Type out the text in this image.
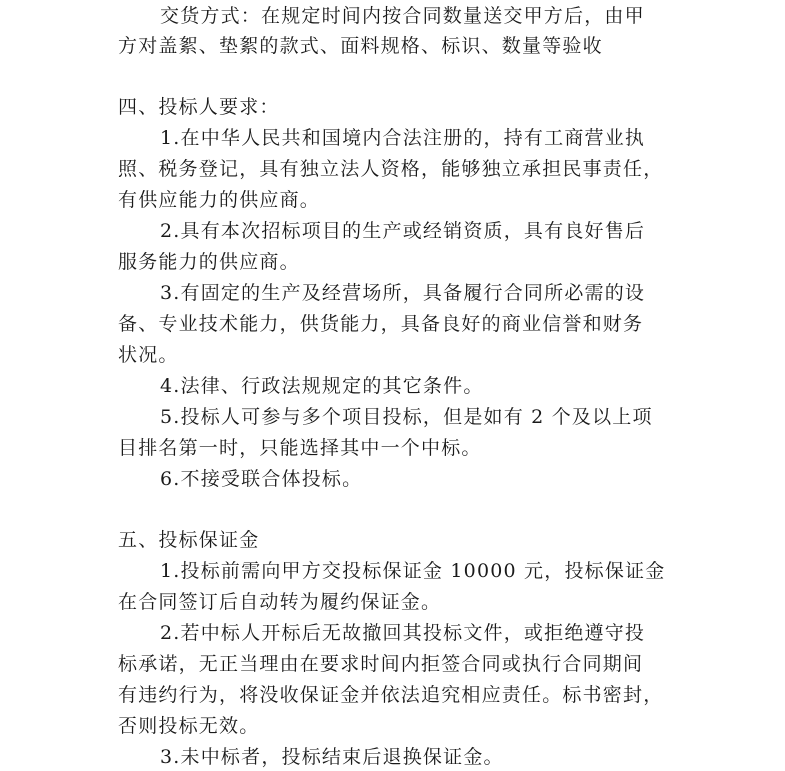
交货方式：在规定时间内按合同数量送交甲方后，由甲
方对盖絮、垫絮的款式、面料规格、标识、数量等验收
四、投标人要求：
1.在中华人民共和国境内合法注册的，持有工商营业执
照、税务登记，具有独立法人资格，能够独立承担民事责任，
有供应能力的供应商。
2.具有本次招标项目的生产或经销资质，具有良好售后
服务能力的供应商。
3.有固定的生产及经营场所，具备履行合同所必需的设
备、专业技术能力，供货能力，具备良好的商业信誉和财务
状况。
4.法律、行政法规规定的其它条件。
5.投标人可参与多个项目投标，但是如有 2 个及以上项
目排名第一时，只能选择其中一个中标。
6.不接受联合体投标。
五、投标保证金
1.投标前需向甲方交投标保证金 10000 元，投标保证金
在合同签订后自动转为履约保证金。
2.若中标人开标后无故撤回其投标文件，或拒绝遵守投
标承诺，无正当理由在要求时间内拒签合同或执行合同期间
有违约行为，将没收保证金并依法追究相应责任。标书密封，
否则投标无效。
3.未中标者，投标结束后退换保证金。
